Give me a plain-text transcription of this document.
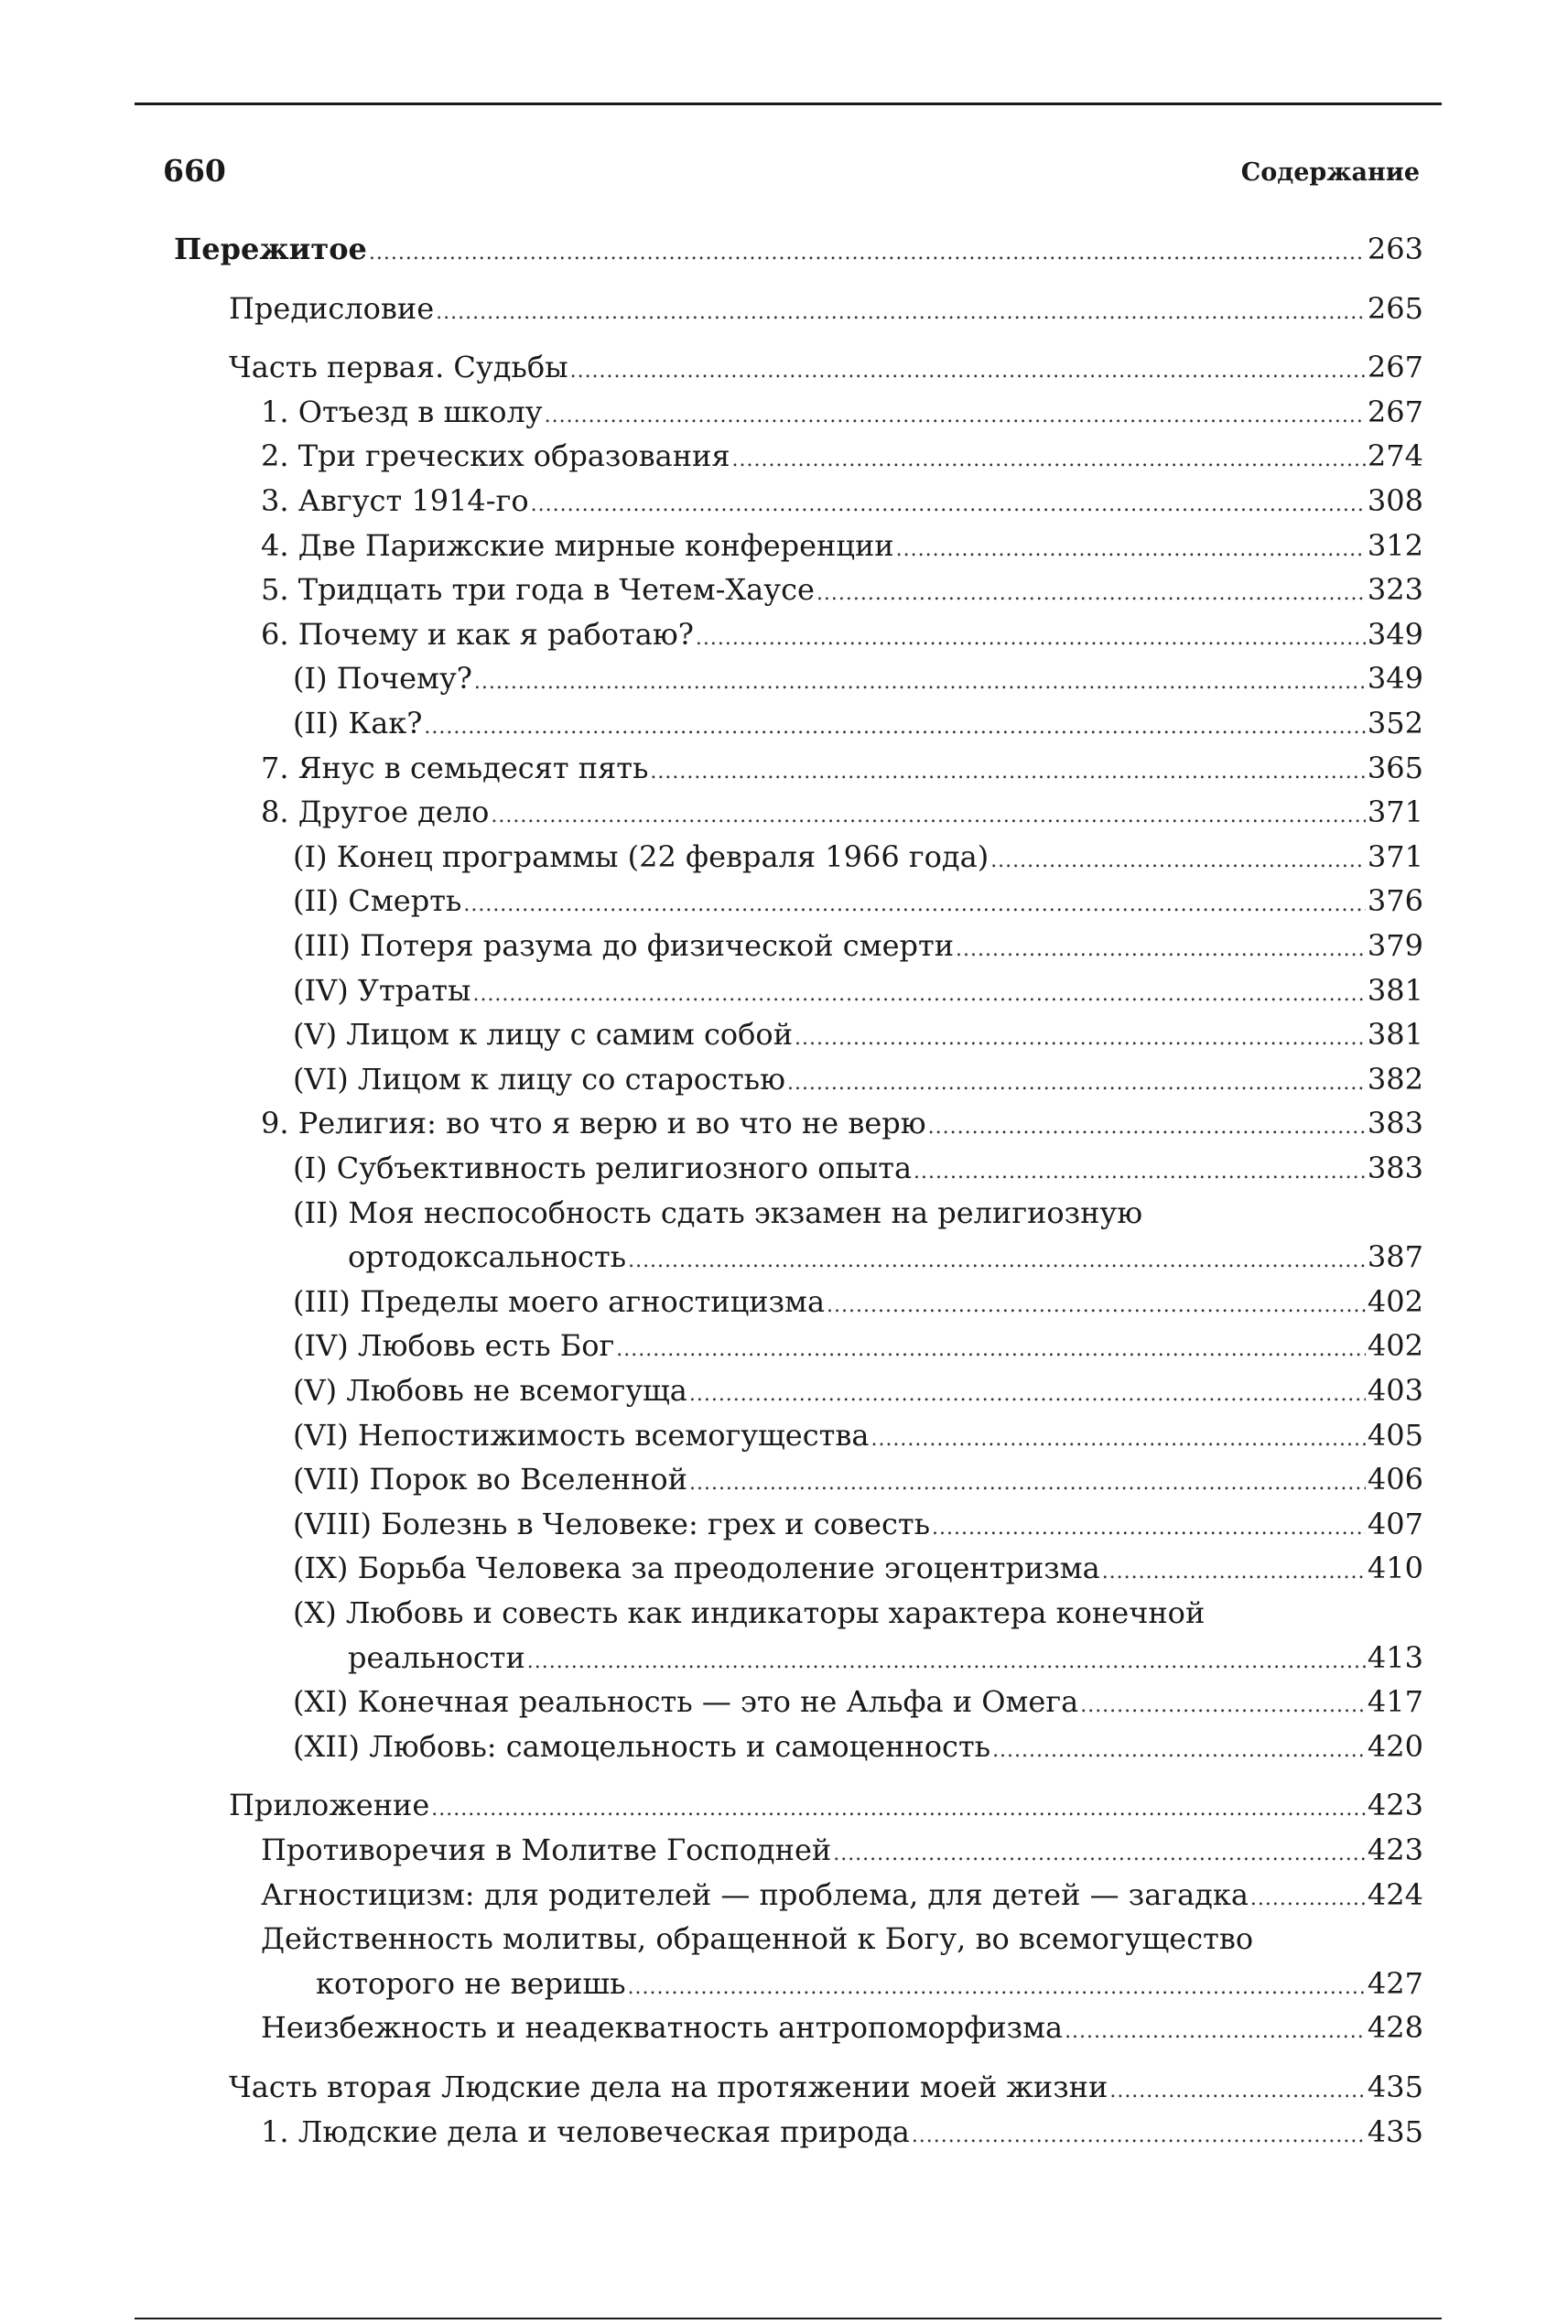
660	Содержание
Пережитое .....	263
Предисловие .....	265
Часть первая. Судьбы .....	267
1. Отъезд в школу .....	267
2. Три греческих образования .....	274
3. Август 1914-го .....	308
4. Две Парижские мирные конференции .....	312
5. Тридцать три года в Четем-Хаусе .....	323
6. Почему и как я работаю? .....	349
(I) Почему? .....	349
(II) Как? .....	352
7. Янус в семьдесят пять .....	365
8. Другое дело .....	371
(I) Конец программы (22 февраля 1966 года) .....	371
(II) Смерть .....	376
(III) Потеря разума до физической смерти .....	379
(IV) Утраты .....	381
(V) Лицом к лицу с самим собой .....	381
(VI) Лицом к лицу со старостью .....	382
9. Религия: во что я верю и во что не верю .....	383
(I) Субъективность религиозного опыта .....	383
(II) Моя неспособность сдать экзамен на религиозную
ортодоксальность .....	387
(III) Пределы моего агностицизма .....	402
(IV) Любовь есть Бог .....	402
(V) Любовь не всемогуща .....	403
(VI) Непостижимость всемогущества .....	405
(VII) Порок во Вселенной .....	406
(VIII) Болезнь в Человеке: грех и совесть .....	407
(IX) Борьба Человека за преодоление эгоцентризма .....	410
(X) Любовь и совесть как индикаторы характера конечной
реальности .....	413
(XI) Конечная реальность — это не Альфа и Омега .....	417
(XII) Любовь: самоцельность и самоценность .....	420
Приложение .....	423
Противоречия в Молитве Господней .....	423
Агностицизм: для родителей — проблема, для детей — загадка .....	424
Действенность молитвы, обращенной к Богу, во всемогущество
которого не веришь .....	427
Неизбежность и неадекватность антропоморфизма .....	428
Часть вторая Людские дела на протяжении моей жизни .....	435
1. Людские дела и человеческая природа .....	435
